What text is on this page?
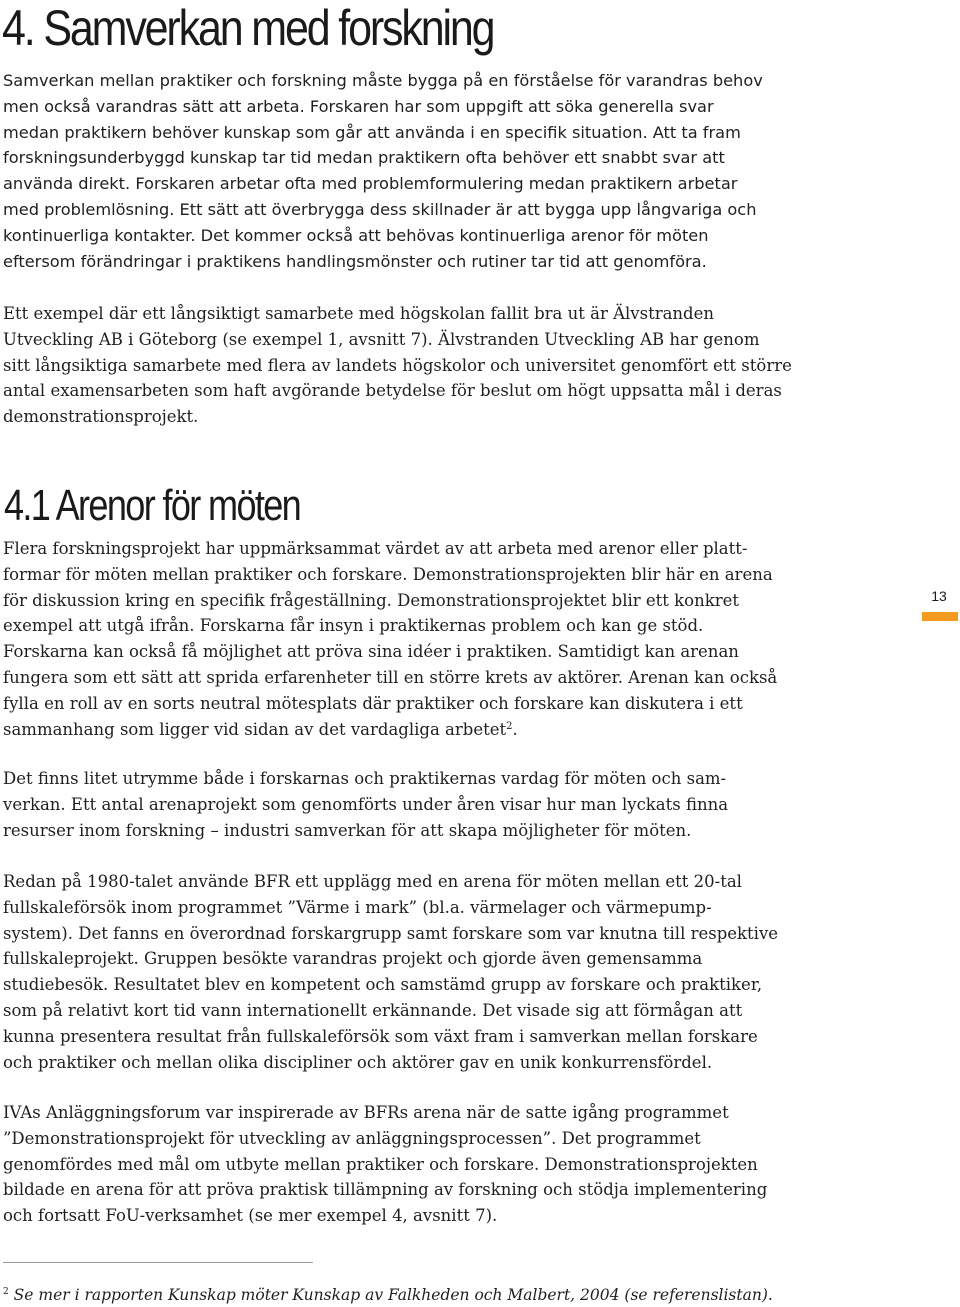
4. Samverkan med forskning
Samverkan mellan praktiker och forskning måste bygga på en förståelse för varandras behov
men också varandras sätt att arbeta. Forskaren har som uppgift att söka generella svar
medan praktikern behöver kunskap som går att använda i en specifik situation. Att ta fram
forskningsunderbyggd kunskap tar tid medan praktikern ofta behöver ett snabbt svar att
använda direkt. Forskaren arbetar ofta med problemformulering medan praktikern arbetar
med problemlösning. Ett sätt att överbrygga dess skillnader är att bygga upp långvariga och
kontinuerliga kontakter. Det kommer också att behövas kontinuerliga arenor för möten
eftersom förändringar i praktikens handlingsmönster och rutiner tar tid att genomföra.
Ett exempel där ett långsiktigt samarbete med högskolan fallit bra ut är Älvstranden
Utveckling AB i Göteborg (se exempel 1, avsnitt 7). Älvstranden Utveckling AB har genom
sitt långsiktiga samarbete med flera av landets högskolor och universitet genomfört ett större
antal examensarbeten som haft avgörande betydelse för beslut om högt uppsatta mål i deras
demonstrationsprojekt.
4.1 Arenor för möten
Flera forskningsprojekt har uppmärksammat värdet av att arbeta med arenor eller platt-
formar för möten mellan praktiker och forskare. Demonstrationsprojekten blir här en arena
för diskussion kring en specifik frågeställning. Demonstrationsprojektet blir ett konkret
exempel att utgå ifrån. Forskarna får insyn i praktikernas problem och kan ge stöd.
Forskarna kan också få möjlighet att pröva sina idéer i praktiken. Samtidigt kan arenan
fungera som ett sätt att sprida erfarenheter till en större krets av aktörer. Arenan kan också
fylla en roll av en sorts neutral mötesplats där praktiker och forskare kan diskutera i ett
sammanhang som ligger vid sidan av det vardagliga arbetet$^2$.
Det finns litet utrymme både i forskarnas och praktikernas vardag för möten och sam-
verkan. Ett antal arenaprojekt som genomförts under åren visar hur man lyckats finna
resurser inom forskning – industri samverkan för att skapa möjligheter för möten.
Redan på 1980-talet använde BFR ett upplägg med en arena för möten mellan ett 20-tal
fullskaleförsök inom programmet ”Värme i mark” (bl.a. värmelager och värmepump-
system). Det fanns en överordnad forskargrupp samt forskare som var knutna till respektive
fullskaleprojekt. Gruppen besökte varandras projekt och gjorde även gemensamma
studiebesök. Resultatet blev en kompetent och samstämd grupp av forskare och praktiker,
som på relativt kort tid vann internationellt erkännande. Det visade sig att förmågan att
kunna presentera resultat från fullskaleförsök som växt fram i samverkan mellan forskare
och praktiker och mellan olika discipliner och aktörer gav en unik konkurrensfördel.
IVAs Anläggningsforum var inspirerade av BFRs arena när de satte igång programmet
”Demonstrationsprojekt för utveckling av anläggningsprocessen”. Det programmet
genomfördes med mål om utbyte mellan praktiker och forskare. Demonstrationsprojekten
bildade en arena för att pröva praktisk tillämpning av forskning och stödja implementering
och fortsatt FoU-verksamhet (se mer exempel 4, avsnitt 7).

$^2$ Se mer i rapporten Kunskap möter Kunskap av Falkheden och Malbert, 2004 (se referenslistan).

13
